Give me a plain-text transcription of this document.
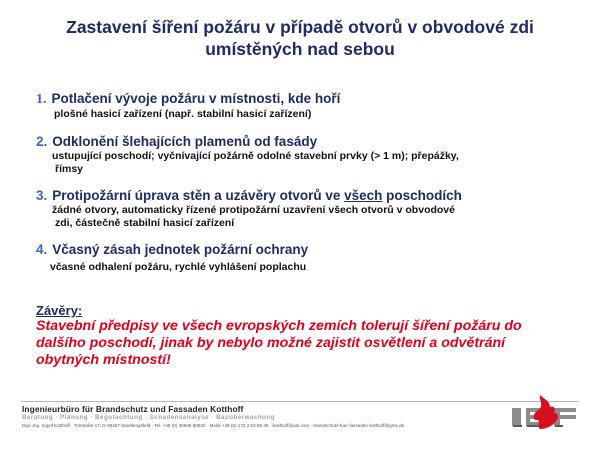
Zastavení šíření požáru v případě otvorů v obvodové zdi
umístěných nad sebou
1. Potlačení vývoje požáru v místnosti, kde hoří
plošné hasicí zařízení (např. stabilní hasicí zařízení)
2. Odklonění šlehajících plamenů od fasády
ustupující poschodí; vyčnívající požárně odolné stavební prvky (> 1 m); přepážky,
římsy
3. Protipožární úprava stěn a uzávěry otvorů ve všech poschodích
žádné otvory, automaticky řízené protipožární uzavření všech otvorů v obvodové
zdi, částečně stabilní hasicí zařízení
4. Včasný zásah jednotek požární ochrany
včasné odhalení požáru, rychlé vyhlášení poplachu
Závěry:
Stavební předpisy ve všech evropských zemích tolerují šíření požáru do
dalšího poschodí, jinak by nebylo možné zajistit osvětlení a odvětrání
obytných místností!
Ingenieurbüro für Brandschutz und Fassaden Kotthoff
Beratung · Planung · Begutachtung · Schadensanalyse · Bauüberwachung
Dipl.-Ing. Ingolf Kotthoff · Torstraße 17, D-36457 Stadtlengsfeld · Tel. +49 (0) 36965 80532 · Mobil +49 (0) 172 2 02 68 30 · ikotthoff@aol.com · brandschutz-fuer-fassaden-kotthoff@gmx.de
